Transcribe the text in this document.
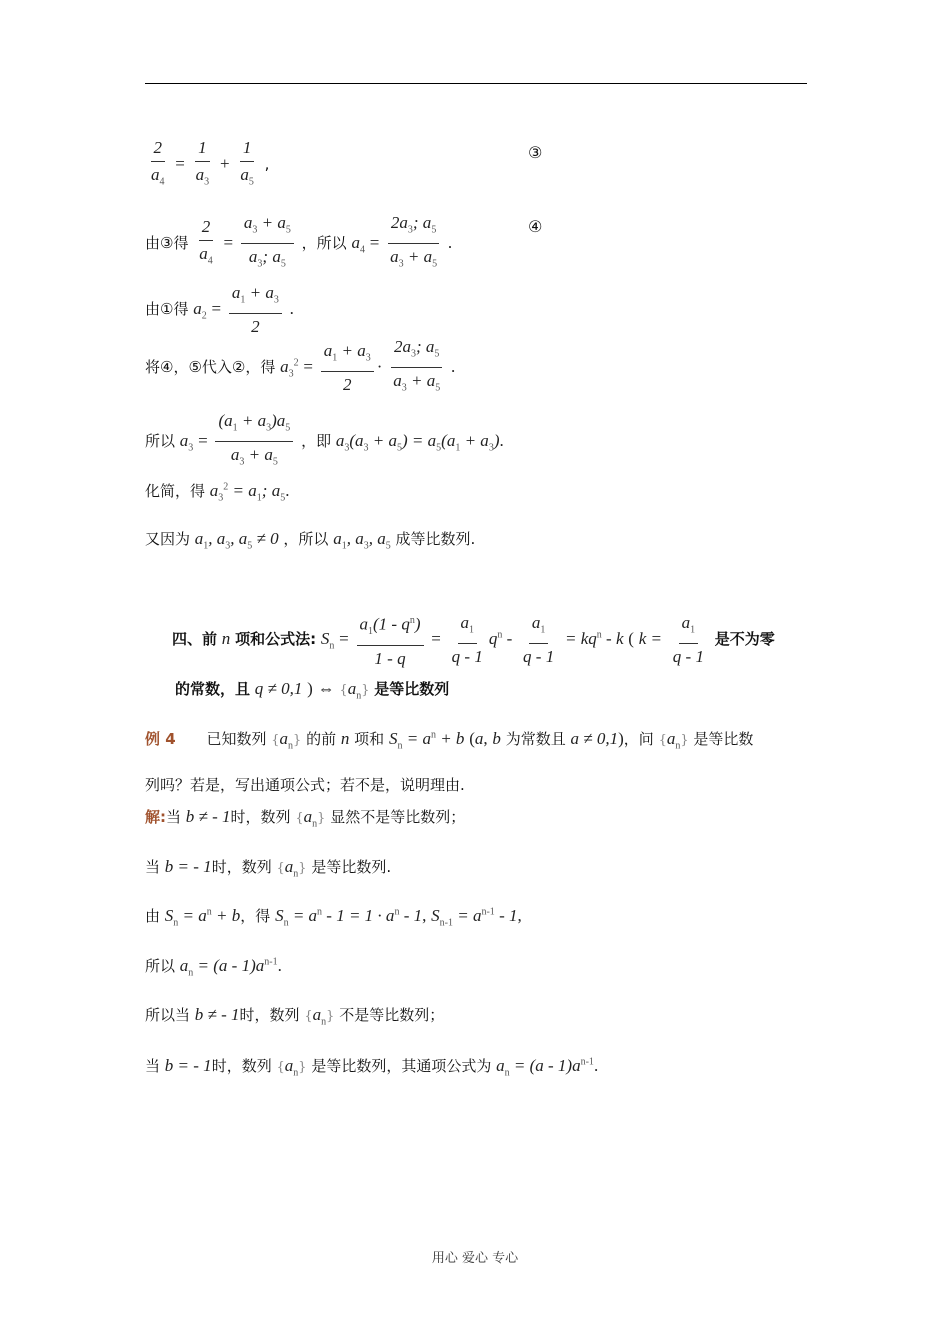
$\frac{2}{a_4} = \frac{1}{a_3} + \frac{1}{a_5}$ ,
③
由③得 $\frac{2}{a_4} = \frac{a_3 + a_5}{a_3; a_5}$ ，所以 $a_4 = \frac{2a_3; a_5}{a_3 + a_5}$ .
④
由①得 $a_2 = \frac{a_1 + a_3}{2}$ .
将④，⑤代入②，得 $a_3^2 = \frac{a_1 + a_3}{2} \cdot \frac{2a_3; a_5}{a_3 + a_5}$ .
所以 $a_3 = \frac{(a_1 + a_3)a_5}{a_3 + a_5}$ ，即 $a_3(a_3 + a_5) = a_5(a_1 + a_3)$.
化简，得 $a_3^2 = a_1$; $a_5$.
又因为 $a_1$, $a_3$, $a_5 \ne 0$ ，所以 $a_1$, $a_3$, $a_5$ 成等比数列.
四、前 n 项和公式法: $S_n = \frac{a_1(1 - q^n)}{1 - q} = \frac{a_1}{q - 1} q^n - \frac{a_1}{q - 1} = kq^n - k$ ( $k = \frac{a_1}{q - 1}$ 是不为零
的常数，且 q ≠ 0,1 ) ⇔ $\{a_n\}$ 是等比数列
例 4 已知数列 $\{a_n\}$ 的前 n 项和 $S_n = a^n + b$ (a, b 为常数且 a ≠ 0,1)，问 $\{a_n\}$ 是等比数
列吗？若是，写出通项公式；若不是，说明理由.
解:当 b ≠ - 1时，数列 $\{a_n\}$ 显然不是等比数列；
当 b = - 1时，数列 $\{a_n\}$ 是等比数列.
由 $S_n = a^n + b$，得 $S_n = a^n - 1 = 1 \cdot a^n - 1$, $S_{n-1} = a^{n-1} - 1$,
所以 $a_n = (a - 1)a^{n-1}$.
所以当 b ≠ - 1时，数列 $\{a_n\}$ 不是等比数列；
当 b = - 1时，数列 $\{a_n\}$ 是等比数列，其通项公式为 $a_n = (a - 1)a^{n-1}$.
用心 爱心 专心
